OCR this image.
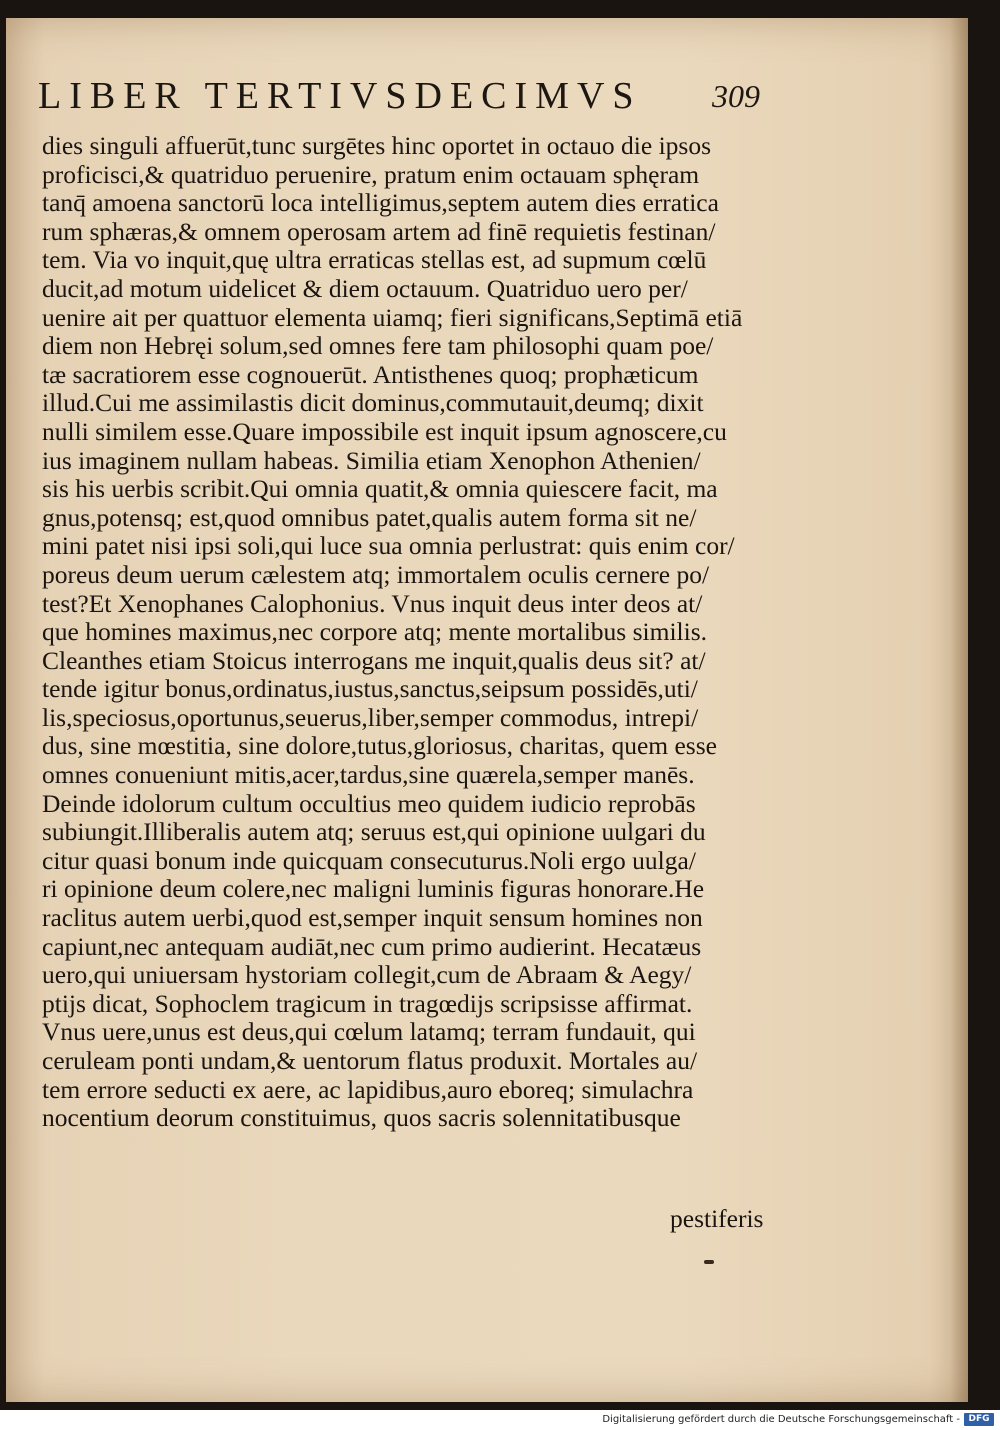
LIBER TERTIVSDECIMVS	309
dies singuli affuerūt,tunc surgētes hinc oportet in octauo die ipsos
proficisci,& quatriduo peruenire, pratum enim octauam sphęram
tanq̄ amoena sanctorū loca intelligimus,septem autem dies erratica
rum sphæras,& omnem operosam artem ad finē requietis festinan/
tem. Via vo inquit,quę ultra erraticas stellas est, ad supmum cœlū
ducit,ad motum uidelicet & diem octauum. Quatriduo uero per/
uenire ait per quattuor elementa uiamq; fieri significans,Septimā etiā
diem non Hebręi solum,sed omnes fere tam philosophi quam poe/
tæ sacratiorem esse cognouerūt. Antisthenes quoq; prophæticum
illud.Cui me assimilastis dicit dominus,commutauit,deumq; dixit
nulli similem esse.Quare impossibile est inquit ipsum agnoscere,cu
ius imaginem nullam habeas. Similia etiam Xenophon Athenien/
sis his uerbis scribit.Qui omnia quatit,& omnia quiescere facit, ma
gnus,potensq; est,quod omnibus patet,qualis autem forma sit ne/
mini patet nisi ipsi soli,qui luce sua omnia perlustrat: quis enim cor/
poreus deum uerum cælestem atq; immortalem oculis cernere po/
test?Et Xenophanes Calophonius. Vnus inquit deus inter deos at/
que homines maximus,nec corpore atq; mente mortalibus similis.
Cleanthes etiam Stoicus interrogans me inquit,qualis deus sit? at/
tende igitur bonus,ordinatus,iustus,sanctus,seipsum possidēs,uti/
lis,speciosus,oportunus,seuerus,liber,semper commodus, intrepi/
dus, sine mœstitia, sine dolore,tutus,gloriosus, charitas, quem esse
omnes conueniunt mitis,acer,tardus,sine quærela,semper manēs.
Deinde idolorum cultum occultius meo quidem iudicio reprobās
subiungit.Illiberalis autem atq; seruus est,qui opinione uulgari du
citur quasi bonum inde quicquam consecuturus.Noli ergo uulga/
ri opinione deum colere,nec maligni luminis figuras honorare.He
raclitus autem uerbi,quod est,semper inquit sensum homines non
capiunt,nec antequam audiāt,nec cum primo audierint. Hecatæus
uero,qui uniuersam hystoriam collegit,cum de Abraam & Aegy/
ptijs dicat, Sophoclem tragicum in tragœdijs scripsisse affirmat.
Vnus uere,unus est deus,qui cœlum latamq; terram fundauit, qui
ceruleam ponti undam,& uentorum flatus produxit. Mortales au/
tem errore seducti ex aere, ac lapidibus,auro eboreq; simulachra
nocentium deorum constituimus, quos sacris solennitatibusque
pestiferis
Digitalisierung gefördert durch die Deutsche Forschungsgemeinschaft - DFG
